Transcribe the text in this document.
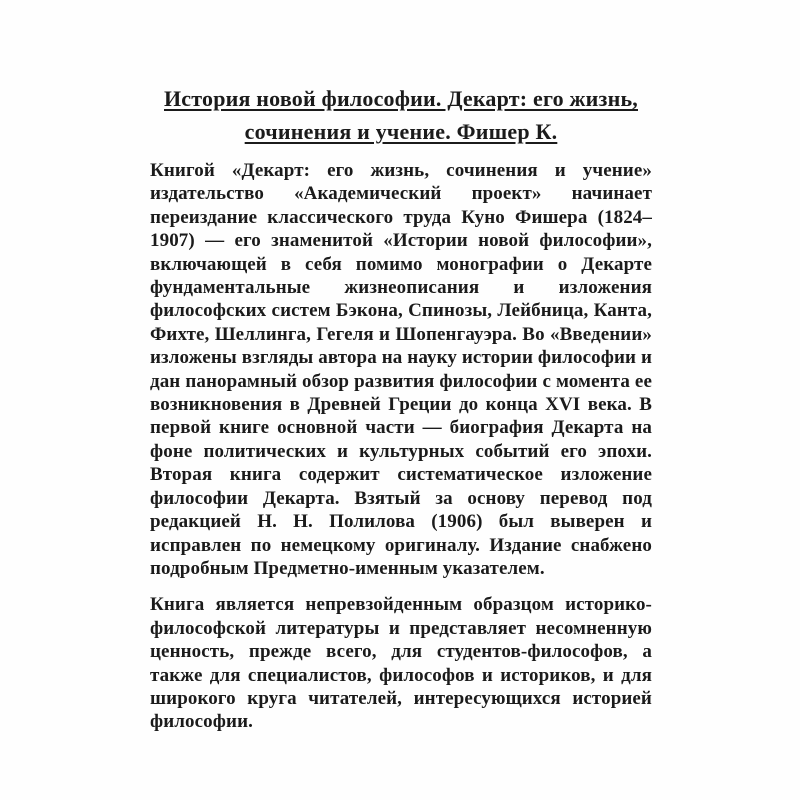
История новой философии. Декарт: его жизнь,
сочинения и учение. Фишер К.

Книгой «Декарт: его жизнь, сочинения и учение» издательство «Академический проект» начинает переиздание классического труда Куно Фишера (1824–1907) — его знаменитой «Истории новой философии», включающей в себя помимо монографии о Декарте фундаментальные жизнеописания и изложения философских систем Бэкона, Спинозы, Лейбница, Канта, Фихте, Шеллинга, Гегеля и Шопенгауэра. Во «Введении» изложены взгляды автора на науку истории философии и дан панорамный обзор развития философии с момента ее возникновения в Древней Греции до конца XVI века. В первой книге основной части — биография Декарта на фоне политических и культурных событий его эпохи. Вторая книга содержит систематическое изложение философии Декарта. Взятый за основу перевод под редакцией Н. Н. Полилова (1906) был выверен и исправлен по немецкому оригиналу. Издание снабжено подробным Предметно-именным указателем.

Книга является непревзойденным образцом историко-философской литературы и представляет несомненную ценность, прежде всего, для студентов-философов, а также для специалистов, философов и историков, и для широкого круга читателей, интересующихся историей философии.
